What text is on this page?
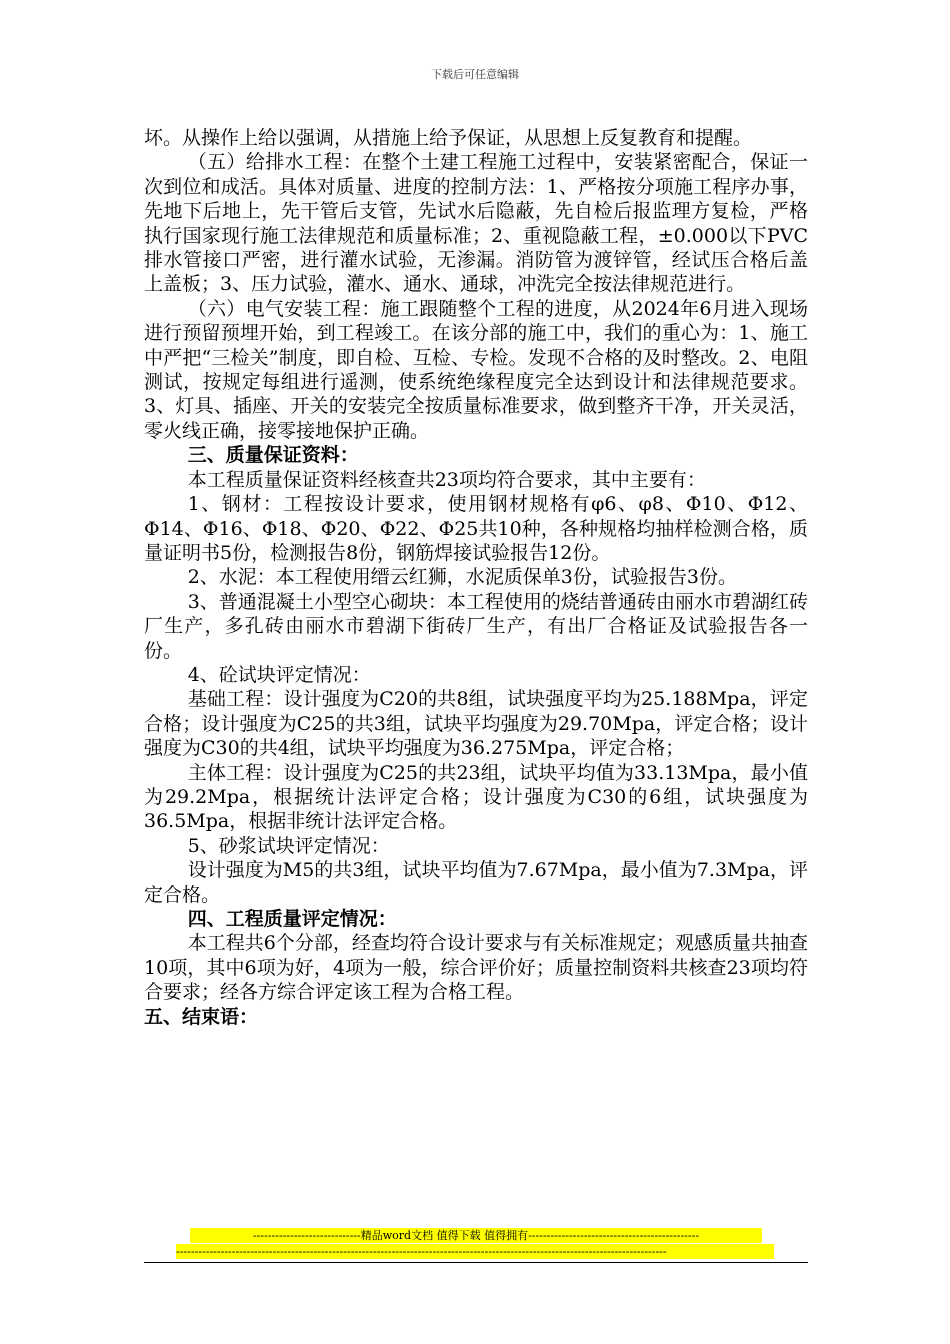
下载后可任意编辑

坏。从操作上给以强调，从措施上给予保证，从思想上反复教育和提醒。

（五）给排水工程：在整个土建工程施工过程中，安装紧密配合，保证一次到位和成活。具体对质量、进度的控制方法：1、严格按分项施工程序办事，先地下后地上，先干管后支管，先试水后隐蔽，先自检后报监理方复检，严格执行国家现行施工法律规范和质量标准；2、重视隐蔽工程，±0.000以下PVC排水管接口严密，进行灌水试验，无渗漏。消防管为渡锌管，经试压合格后盖上盖板；3、压力试验，灌水、通水、通球，冲洗完全按法律规范进行。

（六）电气安装工程：施工跟随整个工程的进度，从2024年6月进入现场进行预留预埋开始，到工程竣工。在该分部的施工中，我们的重心为：1、施工中严把“三检关”制度，即自检、互检、专检。发现不合格的及时整改。2、电阻测试，按规定每组进行遥测，使系统绝缘程度完全达到设计和法律规范要求。3、灯具、插座、开关的安装完全按质量标准要求，做到整齐干净，开关灵活，零火线正确，接零接地保护正确。

三、质量保证资料：

本工程质量保证资料经核查共23项均符合要求，其中主要有：

1、钢材：工程按设计要求，使用钢材规格有φ6、φ8、Φ10、Φ12、Φ14、Φ16、Φ18、Φ20、Φ22、Φ25共10种，各种规格均抽样检测合格，质量证明书5份，检测报告8份，钢筋焊接试验报告12份。

2、水泥：本工程使用缙云红狮，水泥质保单3份，试验报告3份。

3、普通混凝土小型空心砌块：本工程使用的烧结普通砖由丽水市碧湖红砖厂生产，多孔砖由丽水市碧湖下街砖厂生产，有出厂合格证及试验报告各一份。

4、砼试块评定情况：

基础工程：设计强度为C20的共8组，试块强度平均为25.188Mpa，评定合格；设计强度为C25的共3组，试块平均强度为29.70Mpa，评定合格；设计强度为C30的共4组，试块平均强度为36.275Mpa，评定合格；

主体工程：设计强度为C25的共23组，试块平均值为33.13Mpa，最小值为29.2Mpa，根据统计法评定合格；设计强度为C30的6组，试块强度为36.5Mpa，根据非统计法评定合格。

5、砂浆试块评定情况：

设计强度为M5的共3组，试块平均值为7.67Mpa，最小值为7.3Mpa，评定合格。

四、工程质量评定情况：

本工程共6个分部，经查均符合设计要求与有关标准规定；观感质量共抽查10项，其中6项为好，4项为一般，综合评价好；质量控制资料共核查23项均符合要求；经各方综合评定该工程为合格工程。

五、结束语：

-----------------------------精品word文档 值得下载 值得拥有----------------------------------------------
------------------------------------------------------------------------------------------------------------------------------------
